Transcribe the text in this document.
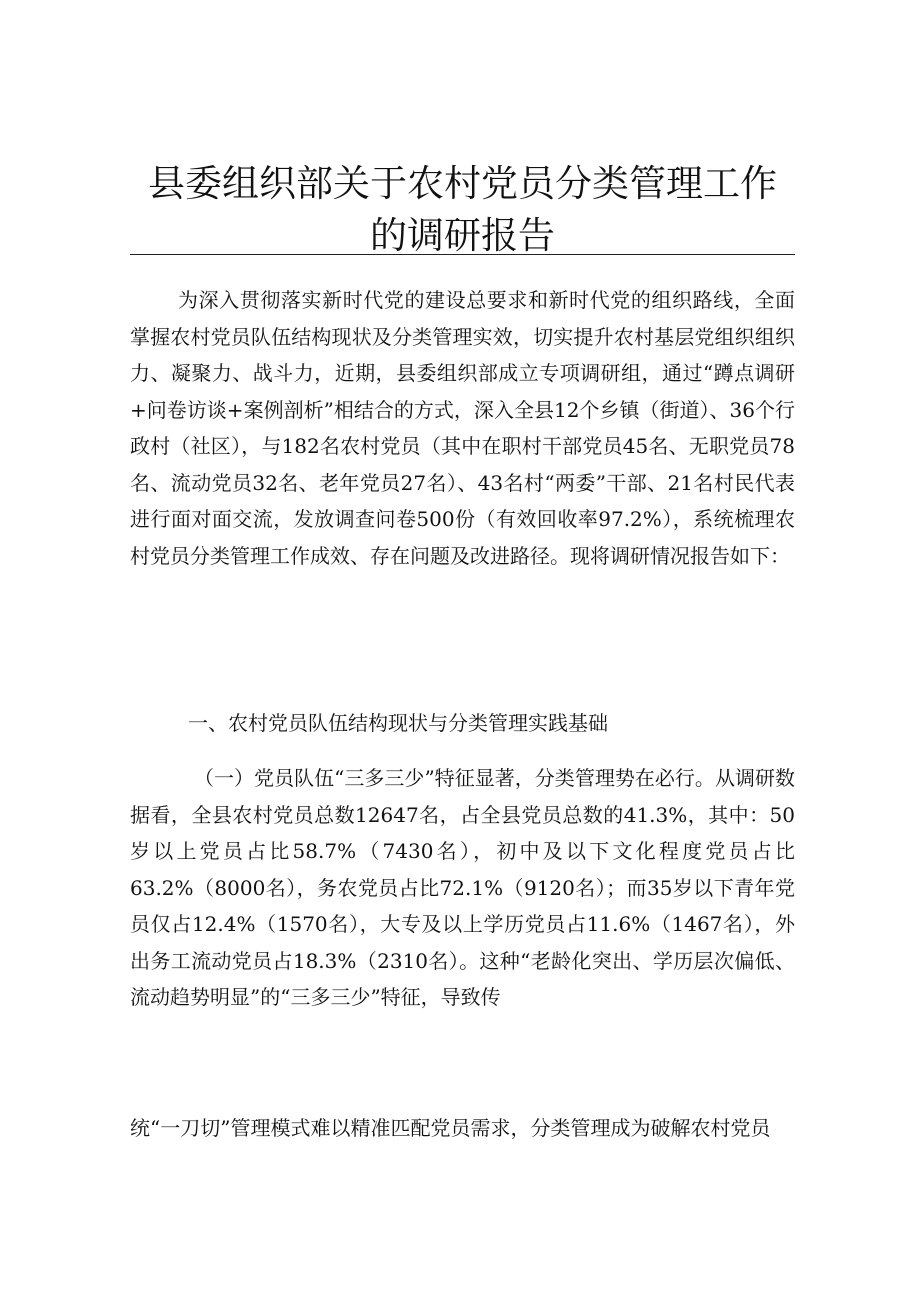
县委组织部关于农村党员分类管理工作的调研报告

为深入贯彻落实新时代党的建设总要求和新时代党的组织路线，全面掌握农村党员队伍结构现状及分类管理实效，切实提升农村基层党组织组织力、凝聚力、战斗力，近期，县委组织部成立专项调研组，通过“蹲点调研+问卷访谈+案例剖析”相结合的方式，深入全县12个乡镇（街道）、36个行政村（社区），与182名农村党员（其中在职村干部党员45名、无职党员78名、流动党员32名、老年党员27名）、43名村“两委”干部、21名村民代表进行面对面交流，发放调查问卷500份（有效回收率97.2%），系统梳理农村党员分类管理工作成效、存在问题及改进路径。现将调研情况报告如下：

一、农村党员队伍结构现状与分类管理实践基础

（一）党员队伍“三多三少”特征显著，分类管理势在必行。从调研数据看，全县农村党员总数12647名，占全县党员总数的41.3%，其中：50岁以上党员占比58.7%（7430名），初中及以下文化程度党员占比63.2%（8000名），务农党员占比72.1%（9120名）；而35岁以下青年党员仅占12.4%（1570名），大专及以上学历党员占11.6%（1467名），外出务工流动党员占18.3%（2310名）。这种“老龄化突出、学历层次偏低、流动趋势明显”的“三多三少”特征，导致传

统“一刀切”管理模式难以精准匹配党员需求，分类管理成为破解农村党员
